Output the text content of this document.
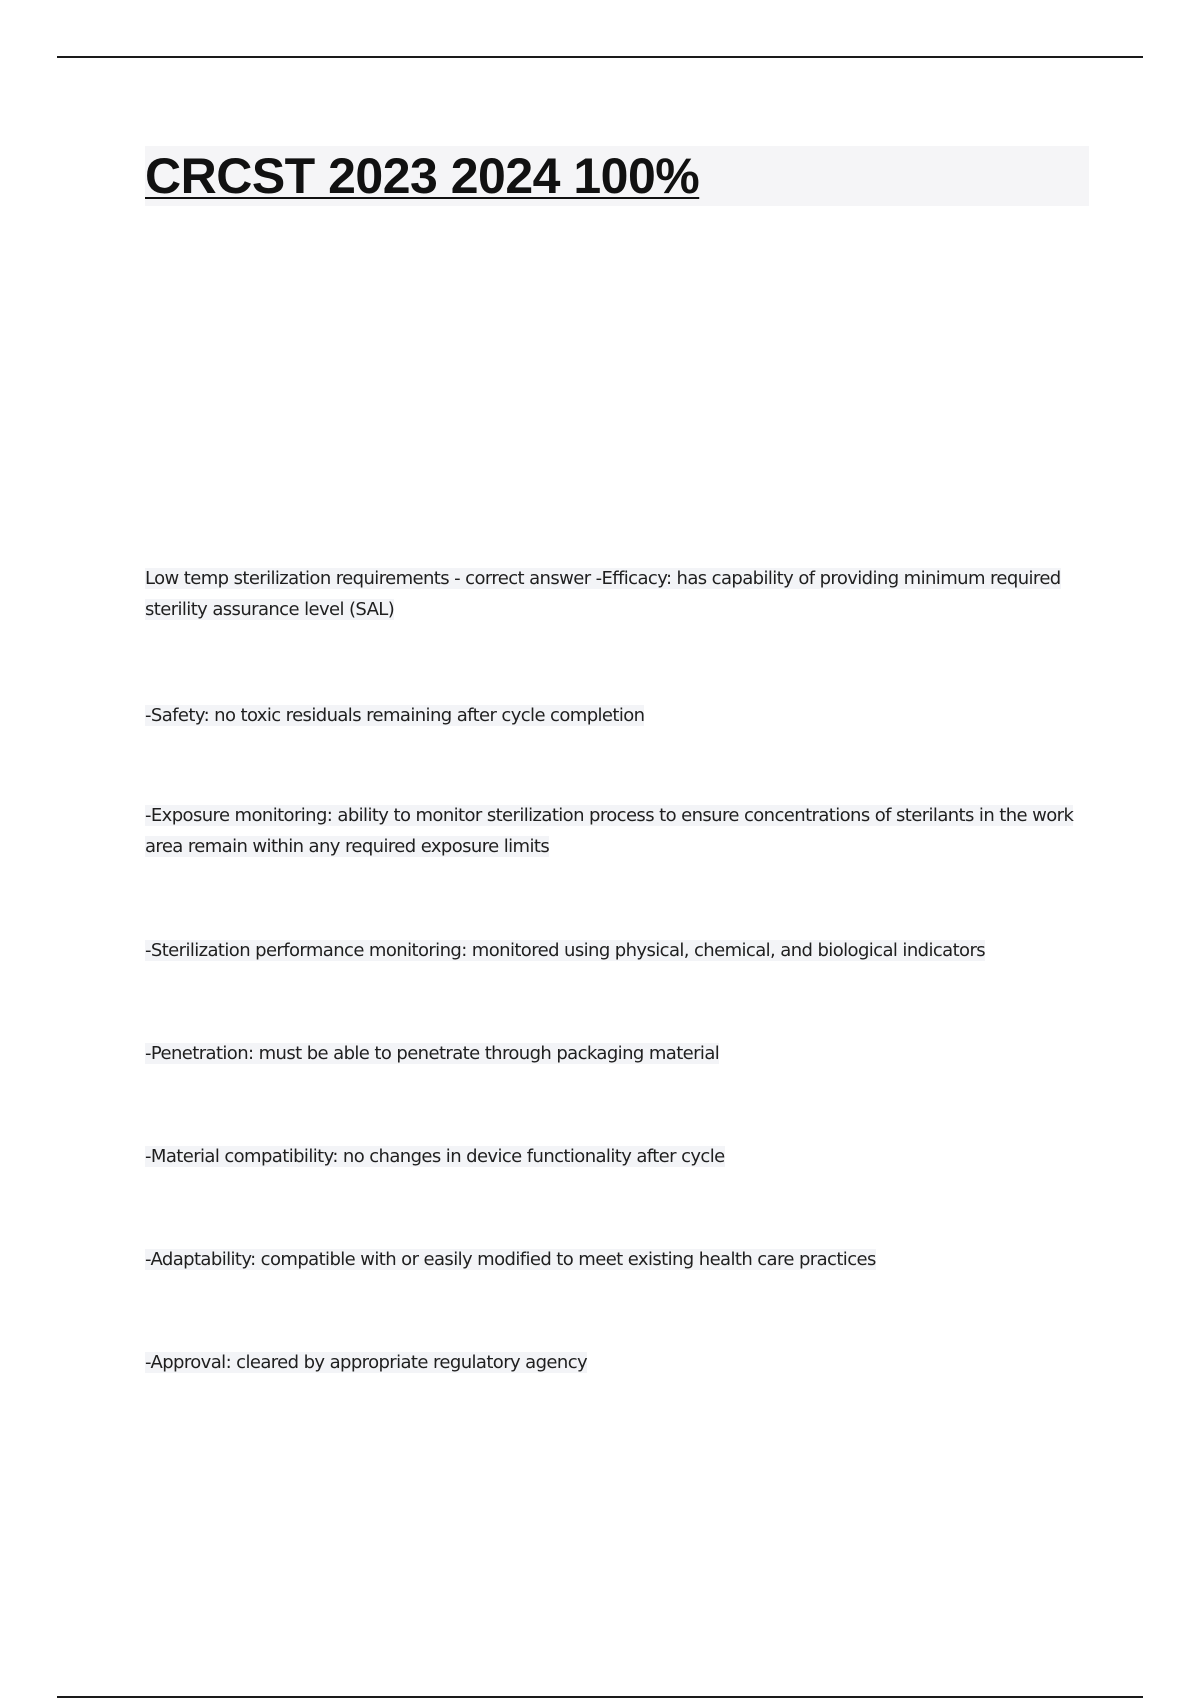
CRCST 2023 2024 100%

Low temp sterilization requirements - correct answer -Efficacy: has capability of providing minimum required sterility assurance level (SAL)

-Safety: no toxic residuals remaining after cycle completion

-Exposure monitoring: ability to monitor sterilization process to ensure concentrations of sterilants in the work area remain within any required exposure limits

-Sterilization performance monitoring: monitored using physical, chemical, and biological indicators

-Penetration: must be able to penetrate through packaging material

-Material compatibility: no changes in device functionality after cycle

-Adaptability: compatible with or easily modified to meet existing health care practices

-Approval: cleared by appropriate regulatory agency
